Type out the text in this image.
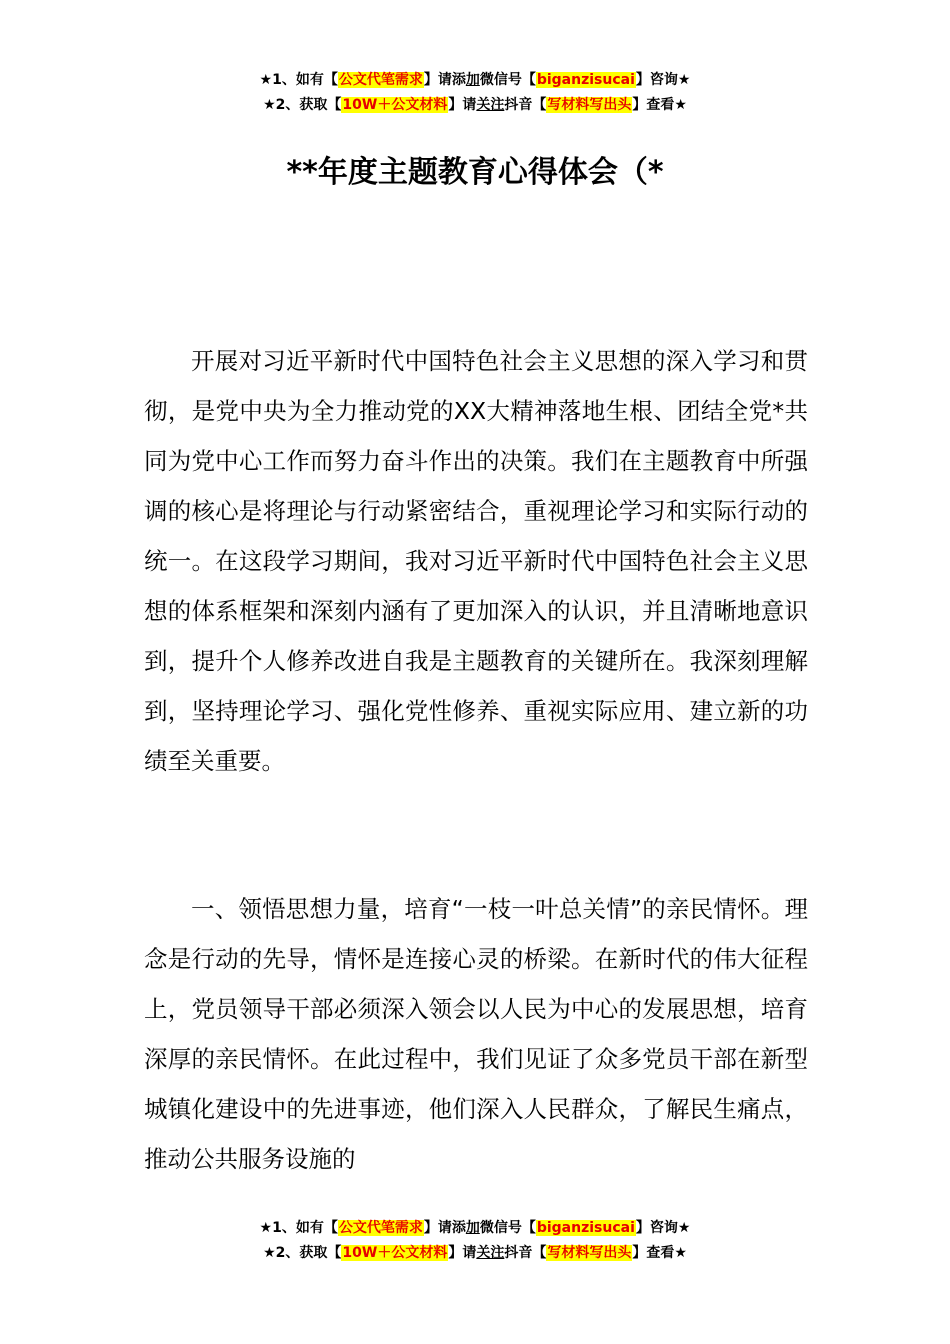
★1、如有【公文代笔需求】请添加微信号【biganzisucai】咨询★
★2、获取【10W＋公文材料】请关注抖音【写材料写出头】查看★
**年度主题教育心得体会（*
开展对习近平新时代中国特色社会主义思想的深入学习和贯彻，是党中央为全力推动党的XX大精神落地生根、团结全党*共同为党中心工作而努力奋斗作出的决策。我们在主题教育中所强调的核心是将理论与行动紧密结合，重视理论学习和实际行动的统一。在这段学习期间，我对习近平新时代中国特色社会主义思想的体系框架和深刻内涵有了更加深入的认识，并且清晰地意识到，提升个人修养改进自我是主题教育的关键所在。我深刻理解到，坚持理论学习、强化党性修养、重视实际应用、建立新的功绩至关重要。
一、领悟思想力量，培育“一枝一叶总关情”的亲民情怀。理念是行动的先导，情怀是连接心灵的桥梁。在新时代的伟大征程上，党员领导干部必须深入领会以人民为中心的发展思想，培育深厚的亲民情怀。在此过程中，我们见证了众多党员干部在新型城镇化建设中的先进事迹，他们深入人民群众，了解民生痛点，推动公共服务设施的
★1、如有【公文代笔需求】请添加微信号【biganzisucai】咨询★
★2、获取【10W＋公文材料】请关注抖音【写材料写出头】查看★
